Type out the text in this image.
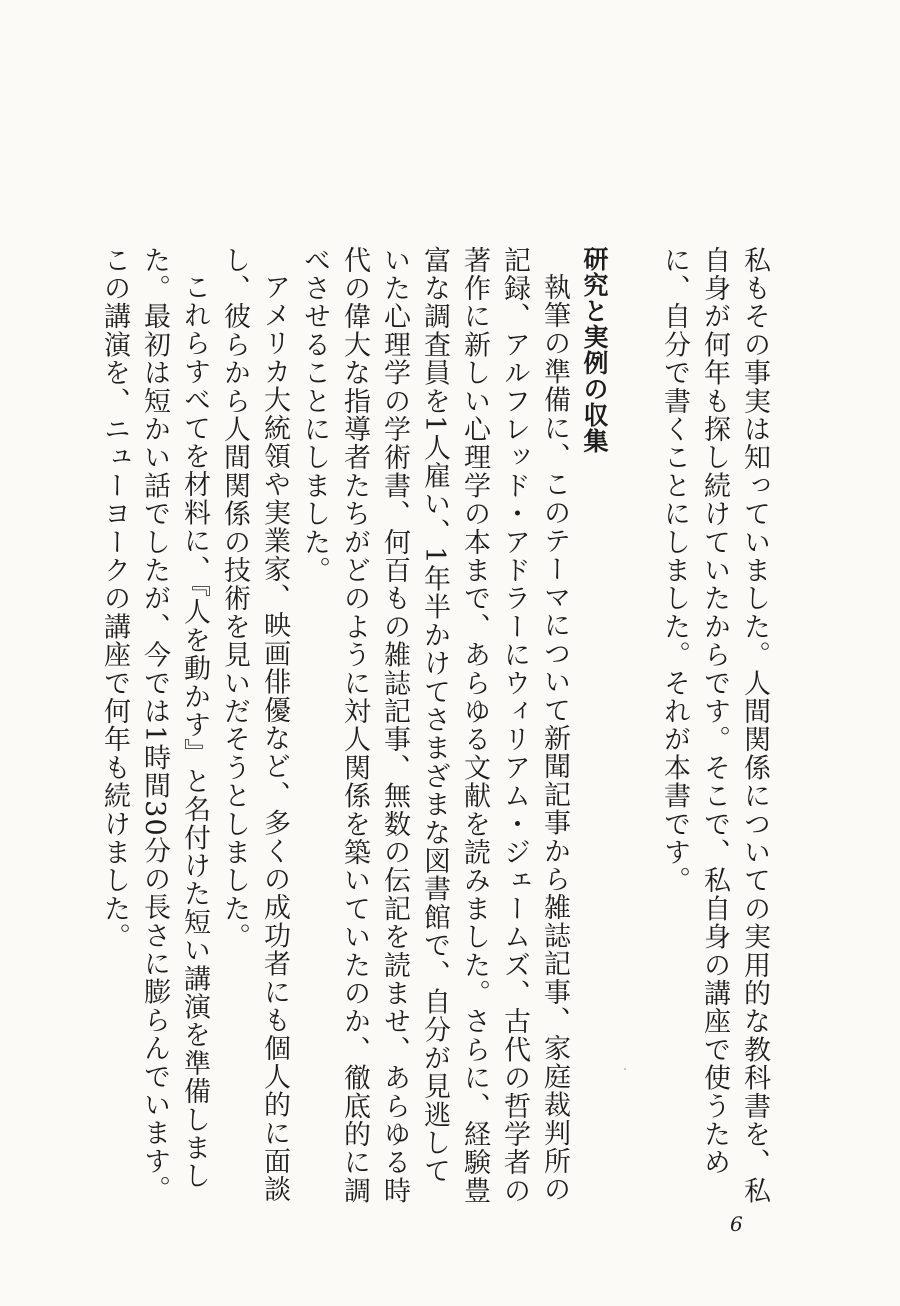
私もその事実は知っていました。人間関係についての実用的な教科書を、私自身が何年も探し続けていたからです。そこで、私自身の講座で使うために、自分で書くことにしました。それが本書です。

研究と実例の収集

執筆の準備に、このテーマについて新聞記事から雑誌記事、家庭裁判所の記録、アルフレッド・アドラーにウィリアム・ジェームズ、古代の哲学者の著作に新しい心理学の本まで、あらゆる文献を読みました。さらに、経験豊富な調査員を1人雇い、1年半かけてさまざまな図書館で、自分が見逃していた心理学の学術書、何百もの雑誌記事、無数の伝記を読ませ、あらゆる時代の偉大な指導者たちがどのように対人関係を築いていたのか、徹底的に調べさせることにしました。

アメリカ大統領や実業家、映画俳優など、多くの成功者にも個人的に面談し、彼らから人間関係の技術を見いだそうとしました。

これらすべてを材料に、『人を動かす』と名付けた短い講演を準備しました。最初は短かい話でしたが、今では1時間30分の長さに膨らんでいます。この講演を、ニューヨークの講座で何年も続けました。

6
